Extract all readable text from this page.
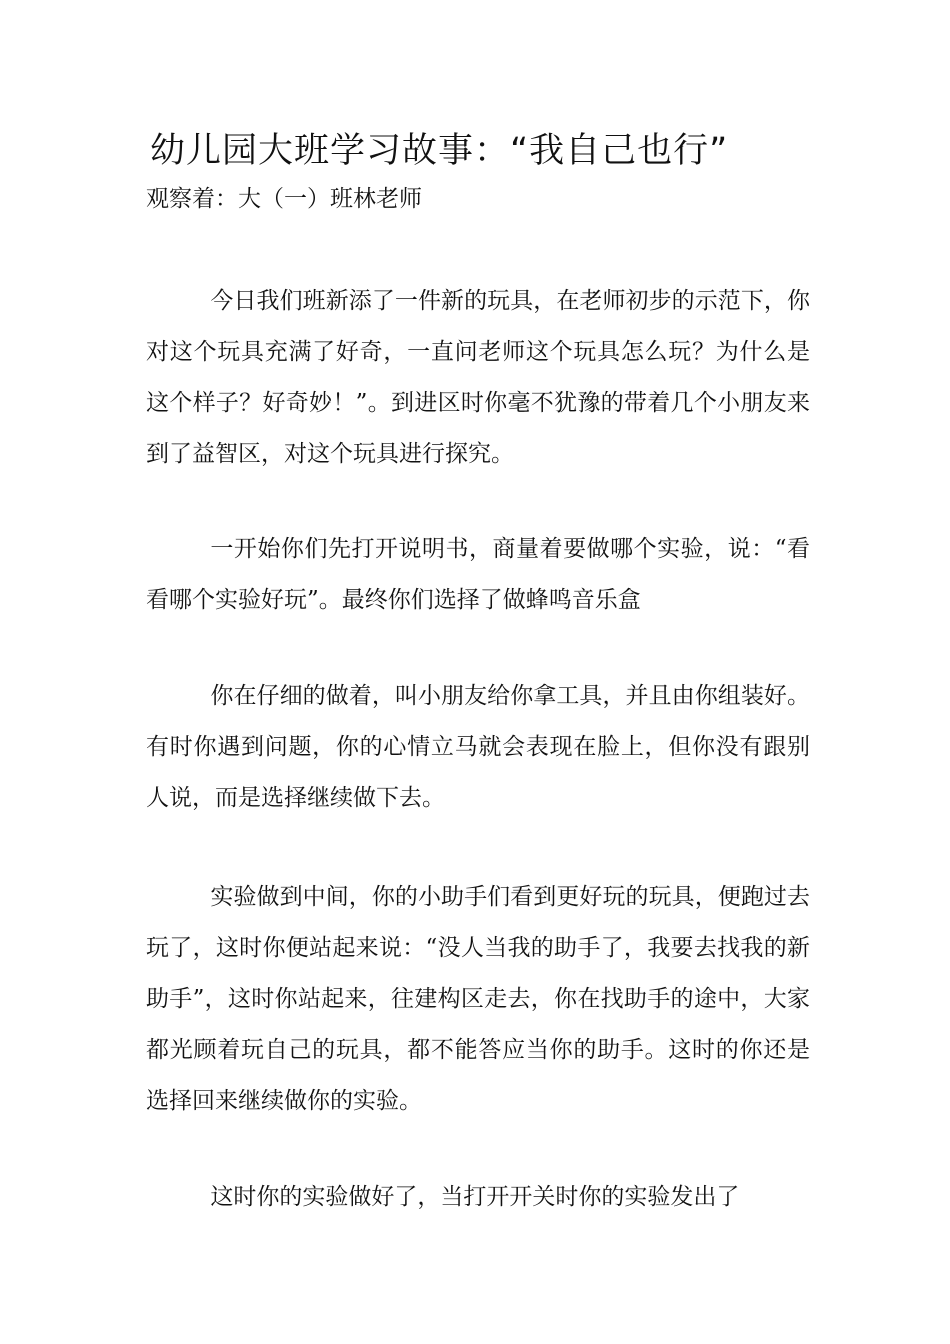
幼儿园大班学习故事：“我自己也行”
观察着：大（一）班林老师

今日我们班新添了一件新的玩具，在老师初步的示范下，你对这个玩具充满了好奇，一直问老师这个玩具怎么玩？为什么是这个样子？好奇妙！”。到进区时你毫不犹豫的带着几个小朋友来到了益智区，对这个玩具进行探究。

一开始你们先打开说明书，商量着要做哪个实验，说：“看看哪个实验好玩”。最终你们选择了做蜂鸣音乐盒

你在仔细的做着，叫小朋友给你拿工具，并且由你组装好。有时你遇到问题，你的心情立马就会表现在脸上，但你没有跟别人说，而是选择继续做下去。

实验做到中间，你的小助手们看到更好玩的玩具，便跑过去玩了，这时你便站起来说：“没人当我的助手了，我要去找我的新助手”，这时你站起来，往建构区走去，你在找助手的途中，大家都光顾着玩自己的玩具，都不能答应当你的助手。这时的你还是选择回来继续做你的实验。

这时你的实验做好了，当打开开关时你的实验发出了
